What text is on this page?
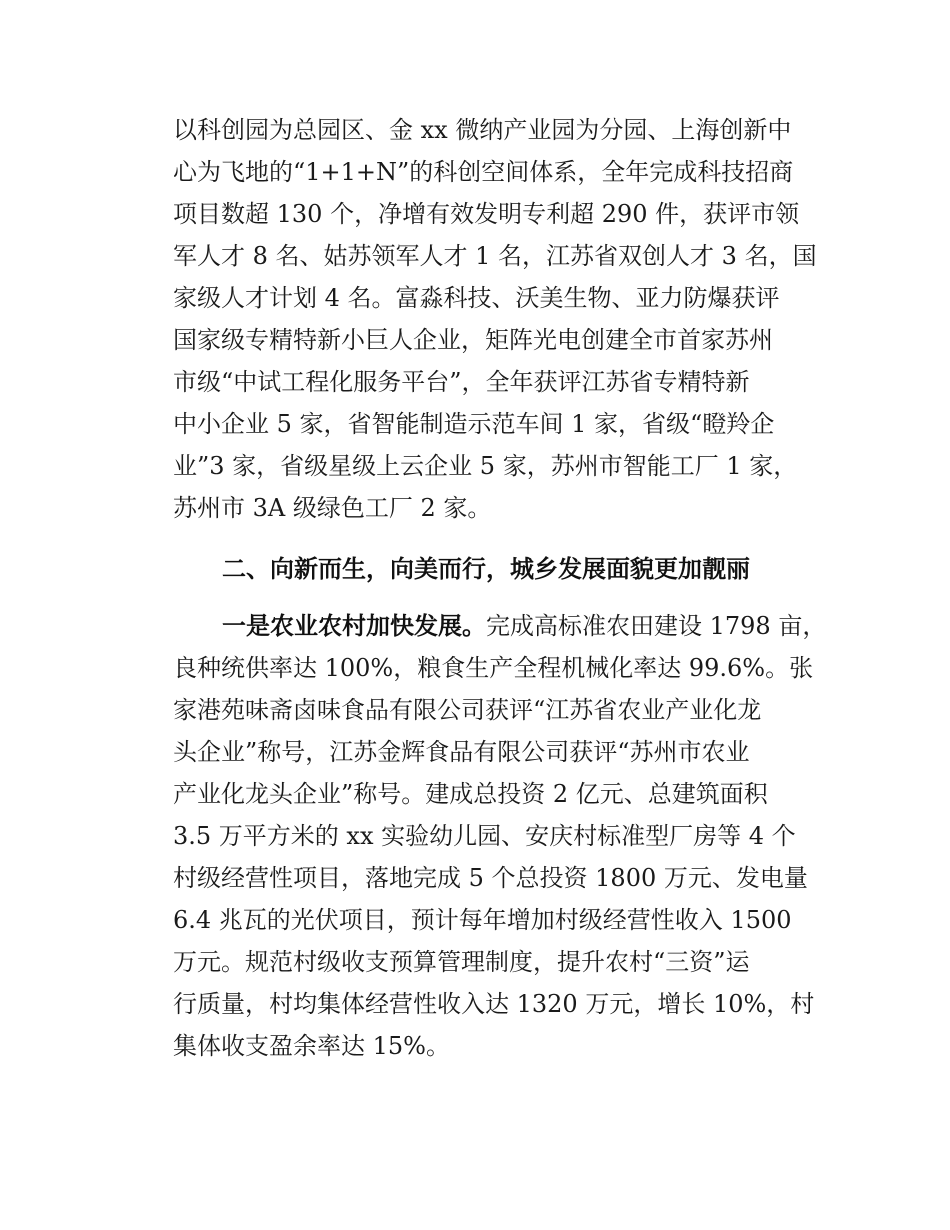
以科创园为总园区、金 xx 微纳产业园为分园、上海创新中
心为飞地的“1+1+N”的科创空间体系，全年完成科技招商
项目数超 130 个，净增有效发明专利超 290 件，获评市领
军人才 8 名、姑苏领军人才 1 名，江苏省双创人才 3 名，国
家级人才计划 4 名。富淼科技、沃美生物、亚力防爆获评
国家级专精特新小巨人企业，矩阵光电创建全市首家苏州
市级“中试工程化服务平台”，全年获评江苏省专精特新
中小企业 5 家，省智能制造示范车间 1 家，省级“瞪羚企
业”3 家，省级星级上云企业 5 家，苏州市智能工厂 1 家，
苏州市 3A 级绿色工厂 2 家。
二、向新而生，向美而行，城乡发展面貌更加靓丽
一是农业农村加快发展。完成高标准农田建设 1798 亩，
良种统供率达 100%，粮食生产全程机械化率达 99.6%。张
家港苑味斋卤味食品有限公司获评“江苏省农业产业化龙
头企业”称号，江苏金辉食品有限公司获评“苏州市农业
产业化龙头企业”称号。建成总投资 2 亿元、总建筑面积
3.5 万平方米的 xx 实验幼儿园、安庆村标准型厂房等 4 个
村级经营性项目，落地完成 5 个总投资 1800 万元、发电量
6.4 兆瓦的光伏项目，预计每年增加村级经营性收入 1500
万元。规范村级收支预算管理制度，提升农村“三资”运
行质量，村均集体经营性收入达 1320 万元，增长 10%，村
集体收支盈余率达 15%。
